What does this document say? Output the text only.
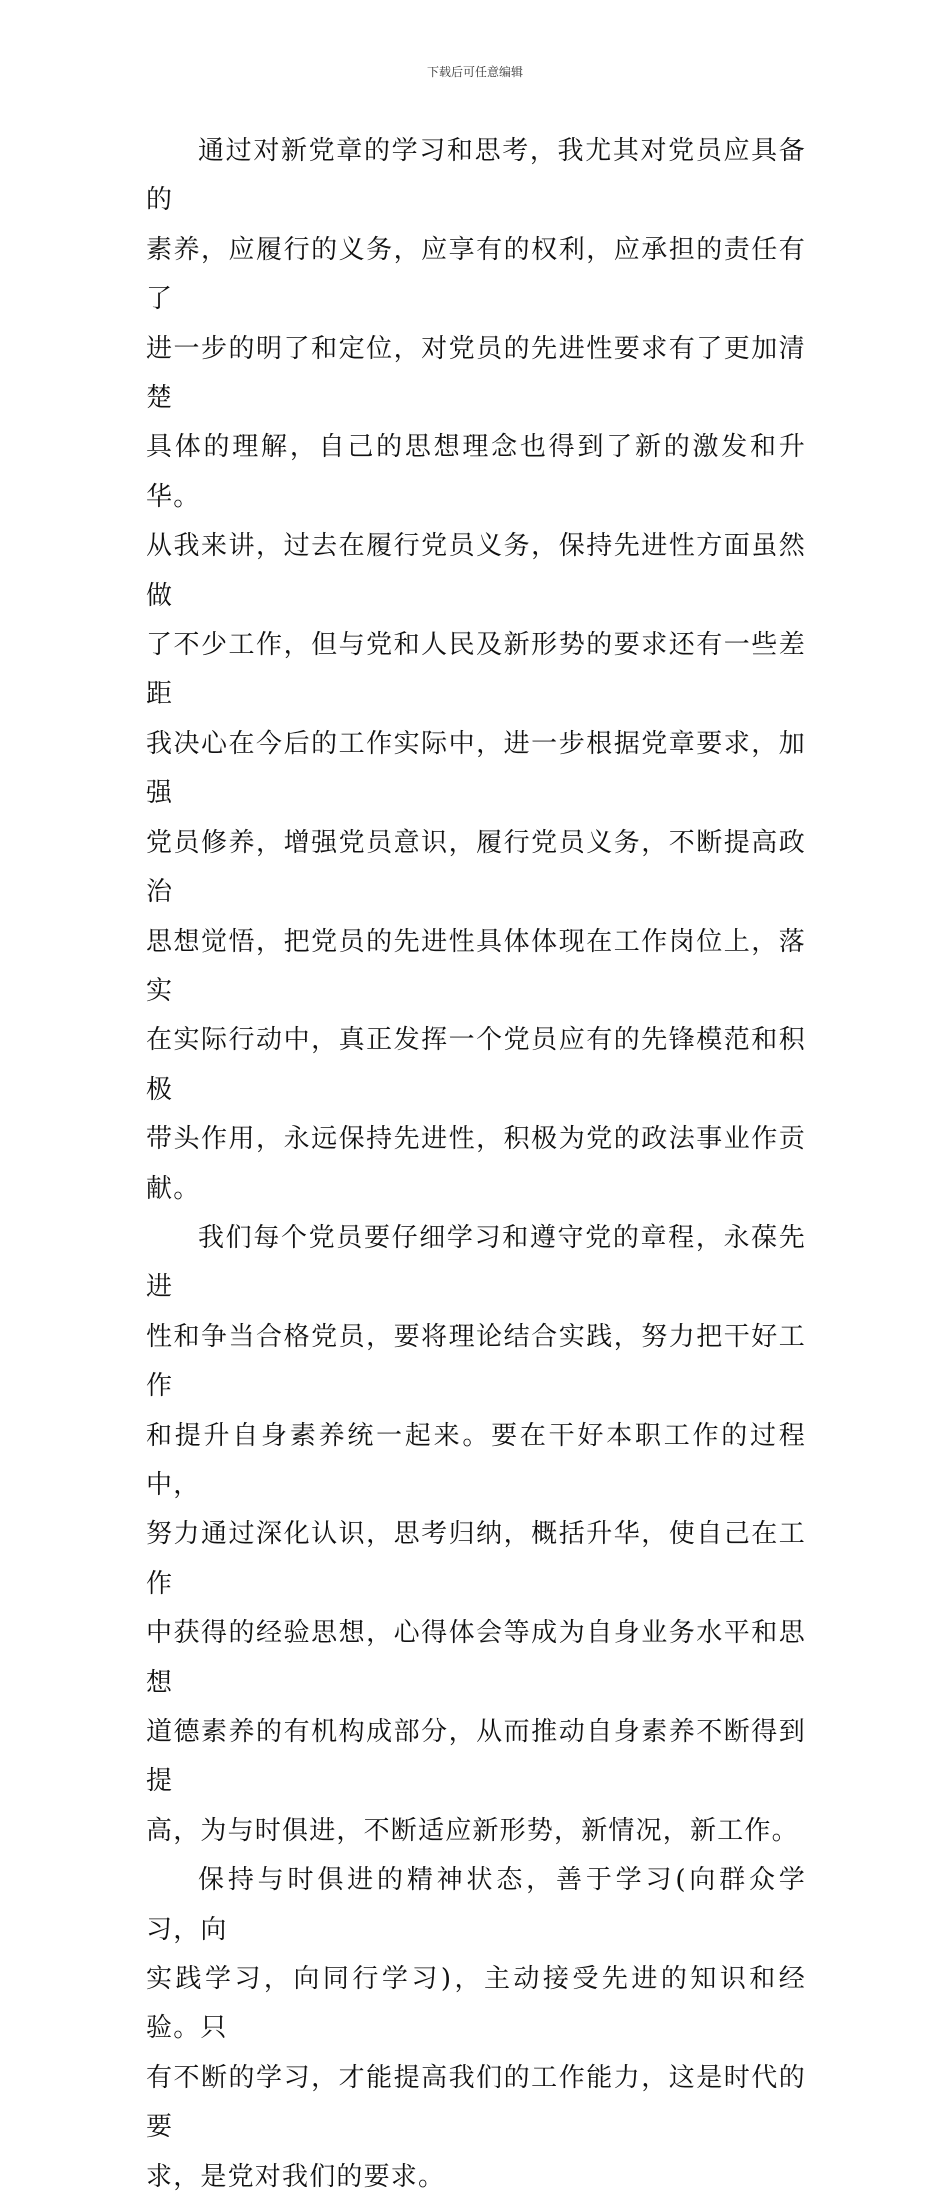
下载后可任意编辑

通过对新党章的学习和思考，我尤其对党员应具备的
素养，应履行的义务，应享有的权利，应承担的责任有了
进一步的明了和定位，对党员的先进性要求有了更加清楚
具体的理解，自己的思想理念也得到了新的激发和升华。
从我来讲，过去在履行党员义务，保持先进性方面虽然做
了不少工作，但与党和人民及新形势的要求还有一些差距
我决心在今后的工作实际中，进一步根据党章要求，加强
党员修养，增强党员意识，履行党员义务，不断提高政治
思想觉悟，把党员的先进性具体体现在工作岗位上，落实
在实际行动中，真正发挥一个党员应有的先锋模范和积极
带头作用，永远保持先进性，积极为党的政法事业作贡献。

我们每个党员要仔细学习和遵守党的章程，永葆先进
性和争当合格党员，要将理论结合实践，努力把干好工作
和提升自身素养统一起来。要在干好本职工作的过程中，
努力通过深化认识，思考归纳，概括升华，使自己在工作
中获得的经验思想，心得体会等成为自身业务水平和思想
道德素养的有机构成部分，从而推动自身素养不断得到提
高，为与时俱进，不断适应新形势，新情况，新工作。

保持与时俱进的精神状态，善于学习(向群众学习，向
实践学习，向同行学习)，主动接受先进的知识和经验。只
有不断的学习，才能提高我们的工作能力，这是时代的要
求，是党对我们的要求。
